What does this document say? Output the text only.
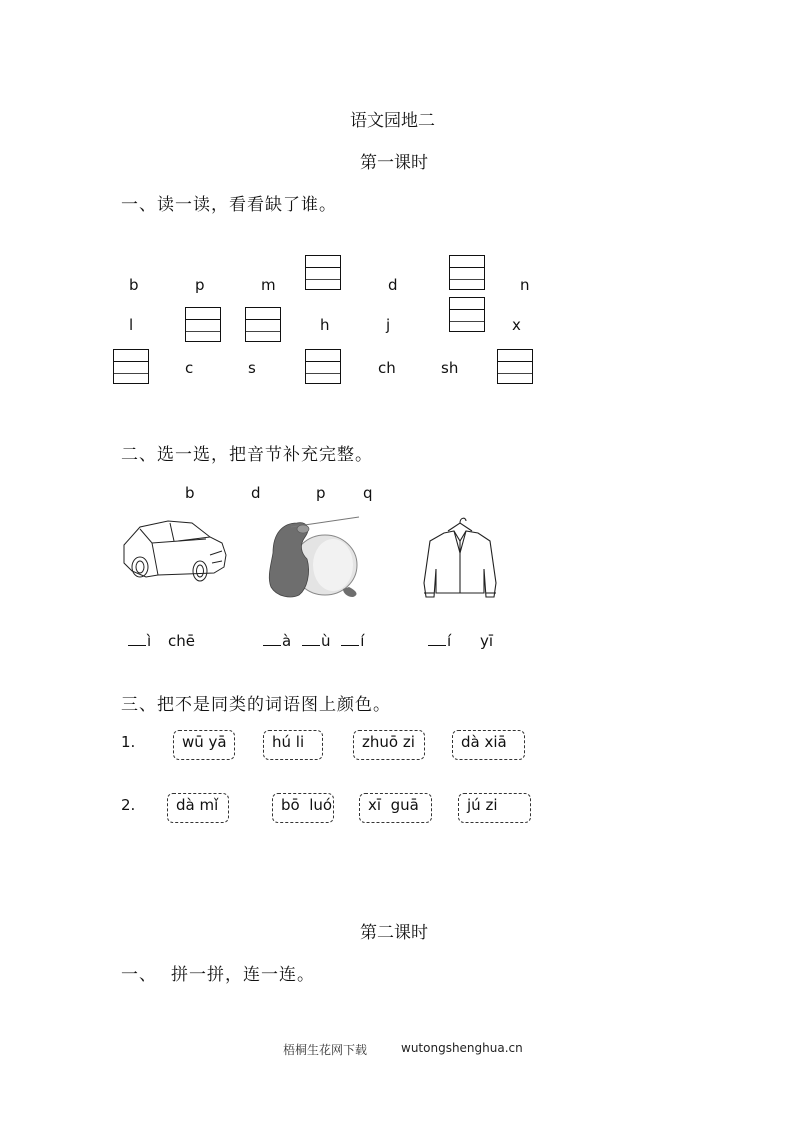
语文园地二
第一课时
一、读一读，看看缺了谁。
b	p	m	d	n
l	h	j	x
c	s	ch	sh
二、选一选，把音节补充完整。
b	d	p q
ì chē	à ù í	í yī
三、把不是同类的词语图上颜色。
1.	wū yā	hú li	zhuō zi	dà xiā
2.	dà mǐ	bō  luó	xī  guā	jú zi
第二课时
一、 拼一拼，连一连。
梧桐生花网下载	wutongshenghua.cn
